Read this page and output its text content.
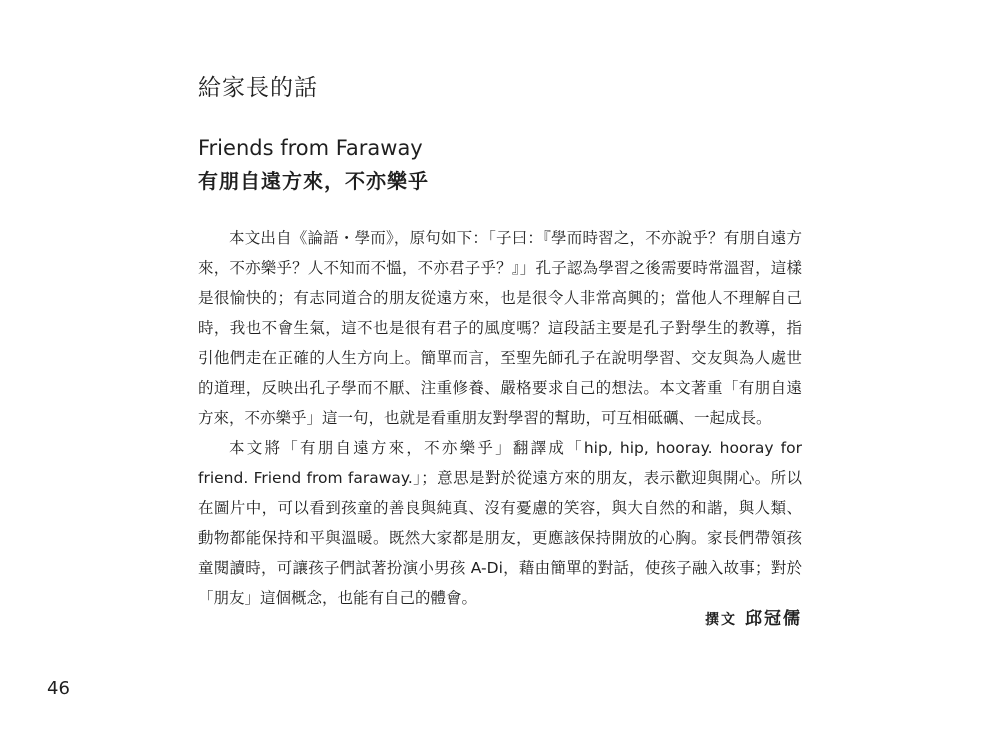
給家長的話
Friends from Faraway
有朋自遠方來，不亦樂乎

本文出自《論語・學而》，原句如下：「子曰：『學而時習之，不亦說乎？有朋自遠方來，不亦樂乎？人不知而不慍，不亦君子乎？』」孔子認為學習之後需要時常溫習，這樣是很愉快的；有志同道合的朋友從遠方來，也是很令人非常高興的；當他人不理解自己時，我也不會生氣，這不也是很有君子的風度嗎？這段話主要是孔子對學生的教導，指引他們走在正確的人生方向上。簡單而言，至聖先師孔子在說明學習、交友與為人處世的道理，反映出孔子學而不厭、注重修養、嚴格要求自己的想法。本文著重「有朋自遠方來，不亦樂乎」這一句，也就是看重朋友對學習的幫助，可互相砥礪、一起成長。

本文將「有朋自遠方來，不亦樂乎」翻譯成「hip, hip, hooray. hooray for friend. Friend from faraway.」；意思是對於從遠方來的朋友，表示歡迎與開心。所以在圖片中，可以看到孩童的善良與純真、沒有憂慮的笑容，與大自然的和諧，與人類、動物都能保持和平與溫暖。既然大家都是朋友，更應該保持開放的心胸。家長們帶領孩童閱讀時，可讓孩子們試著扮演小男孩 A-Di，藉由簡單的對話，使孩子融入故事；對於「朋友」這個概念，也能有自己的體會。

撰文 邱冠儒
46
